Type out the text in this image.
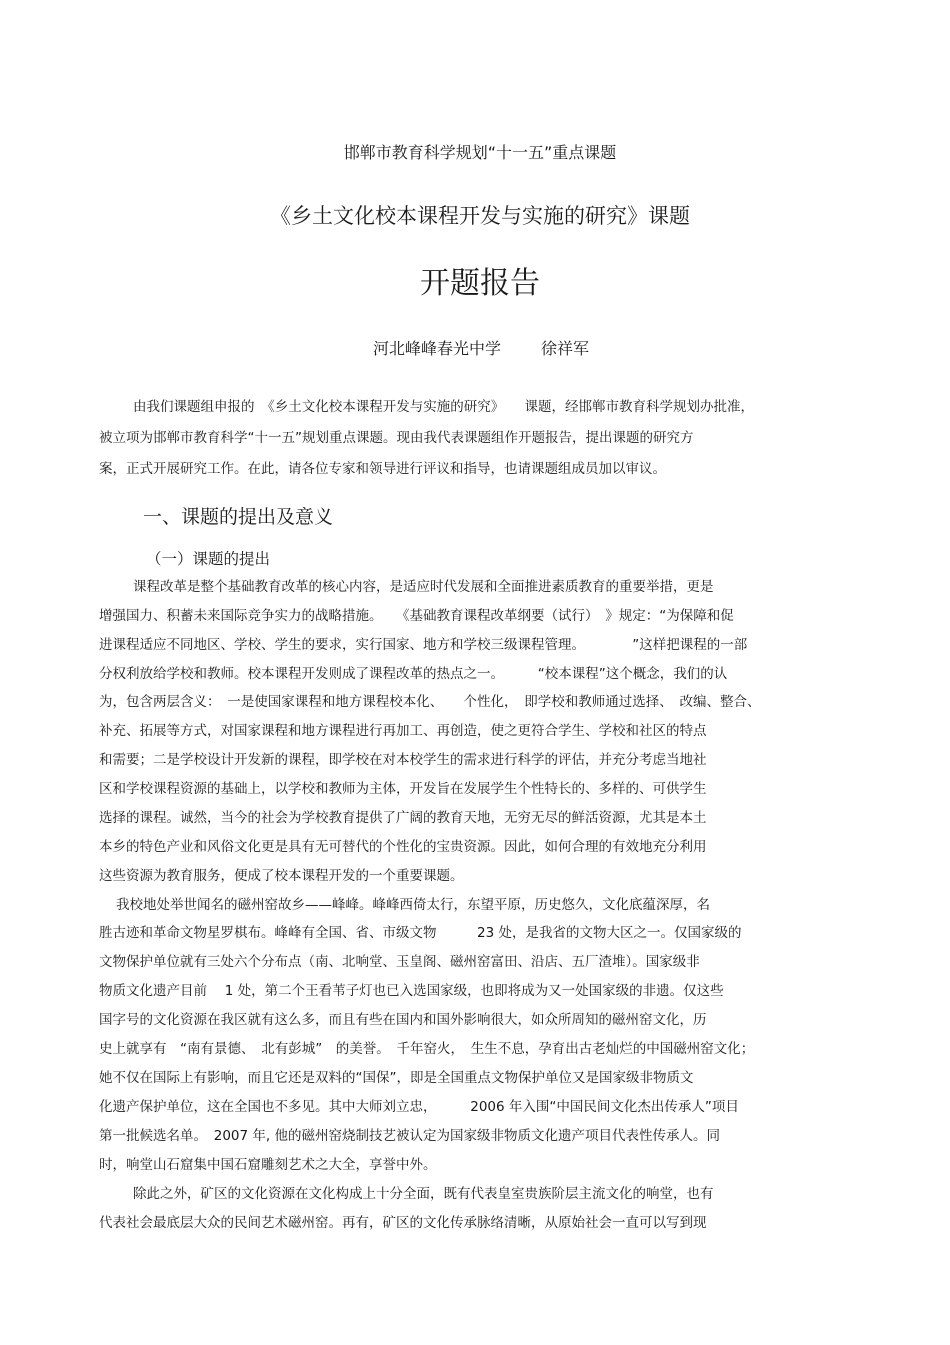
邯郸市教育科学规划“十一五”重点课题
《乡土文化校本课程开发与实施的研究》课题
开题报告
河北峰峰春光中学	徐祥军
由我们课题组申报的　《乡土文化校本课程开发与实施的研究》　　课题，经邯郸市教育科学规划办批准，
被立项为邯郸市教育科学“十一五”规划重点课题。现由我代表课题组作开题报告，提出课题的研究方
案，正式开展研究工作。在此，请各位专家和领导进行评议和指导，也请课题组成员加以审议。
一、课题的提出及意义
（一）课题的提出
课程改革是整个基础教育改革的核心内容，是适应时代发展和全面推进素质教育的重要举措，更是
增强国力、积蓄未来国际竞争实力的战略措施。　　《基础教育课程改革纲要（试行）　》规定：“为保障和促
进课程适应不同地区、学校、学生的要求，实行国家、地方和学校三级课程管理。　　　　”这样把课程的一部
分权利放给学校和教师。校本课程开发则成了课程改革的热点之一。　　　“校本课程”这个概念，我们的认
为，包含两层含义：　一是使国家课程和地方课程校本化、　　个性化，　即学校和教师通过选择、　改编、整合、
补充、拓展等方式，对国家课程和地方课程进行再加工、再创造，使之更符合学生、学校和社区的特点
和需要；二是学校设计开发新的课程，即学校在对本校学生的需求进行科学的评估，并充分考虑当地社
区和学校课程资源的基础上，以学校和教师为主体，开发旨在发展学生个性特长的、多样的、可供学生
选择的课程。诚然，当今的社会为学校教育提供了广阔的教育天地，无穷无尽的鲜活资源，尤其是本土
本乡的特色产业和风俗文化更是具有无可替代的个性化的宝贵资源。因此，如何合理的有效地充分利用
这些资源为教育服务，便成了校本课程开发的一个重要课题。
我校地处举世闻名的磁州窑故乡——峰峰。峰峰西倚太行，东望平原，历史悠久，文化底蕴深厚，名
胜古迹和革命文物星罗棋布。峰峰有全国、省、市级文物　　　23 处，是我省的文物大区之一。仅国家级的
文物保护单位就有三处六个分布点（南、北响堂、玉皇阁、磁州窑富田、沿店、五厂渣堆）。国家级非
物质文化遗产目前　 1 处，第二个王看苇子灯也已入选国家级，也即将成为又一处国家级的非遗。仅这些
国字号的文化资源在我区就有这么多，而且有些在国内和国外影响很大，如众所周知的磁州窑文化，历
史上就享有　“南有景德、　北有彭城”　的美誉。　千年窑火，　生生不息，孕育出古老灿烂的中国磁州窑文化；
她不仅在国际上有影响，而且它还是双料的“国保”，即是全国重点文物保护单位又是国家级非物质文
化遗产保护单位，这在全国也不多见。其中大师刘立忠，　　　2006 年入围“中国民间文化杰出传承人”项目
第一批候选名单。　2007 年, 他的磁州窑烧制技艺被认定为国家级非物质文化遗产项目代表性传承人。同
时，响堂山石窟集中国石窟雕刻艺术之大全，享誉中外。
除此之外，矿区的文化资源在文化构成上十分全面，既有代表皇室贵族阶层主流文化的响堂，也有
代表社会最底层大众的民间艺术磁州窑。再有，矿区的文化传承脉络清晰，从原始社会一直可以写到现
